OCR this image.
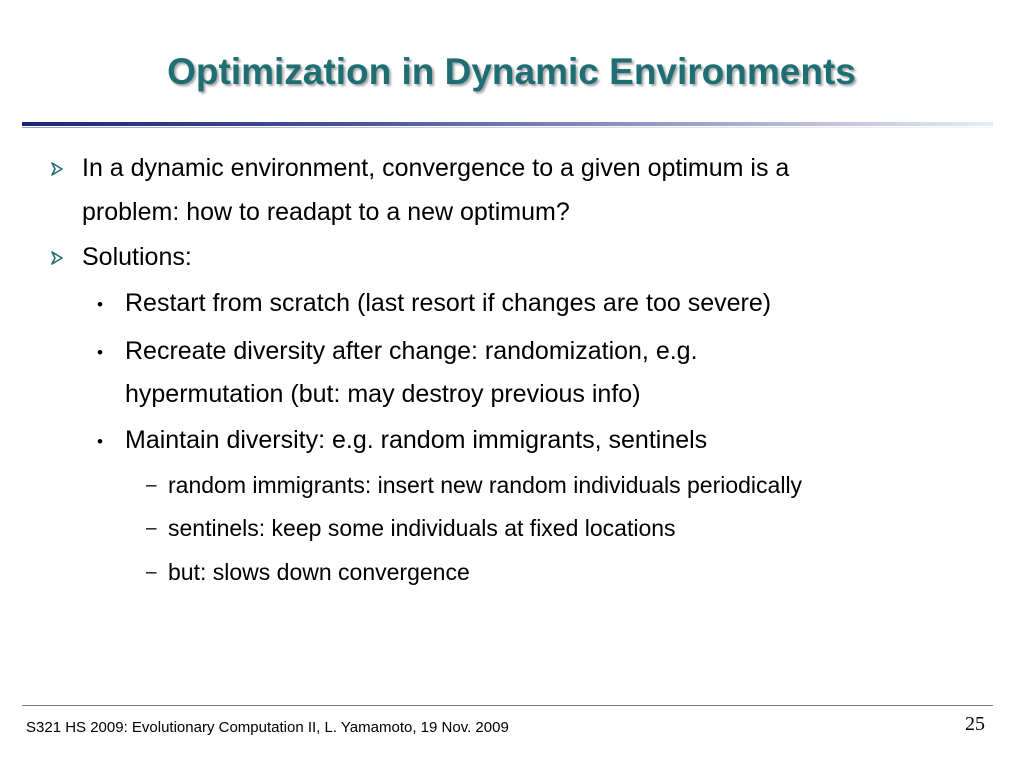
Optimization in Dynamic Environments
In a dynamic environment, convergence to a given optimum is a
problem: how to readapt to a new optimum?
Solutions:
• Restart from scratch (last resort if changes are too severe)
• Recreate diversity after change: randomization, e.g.
hypermutation (but: may destroy previous info)
• Maintain diversity: e.g. random immigrants, sentinels
– random immigrants: insert new random individuals periodically
– sentinels: keep some individuals at fixed locations
– but: slows down convergence
S321 HS 2009: Evolutionary Computation II, L. Yamamoto, 19 Nov. 2009	25
